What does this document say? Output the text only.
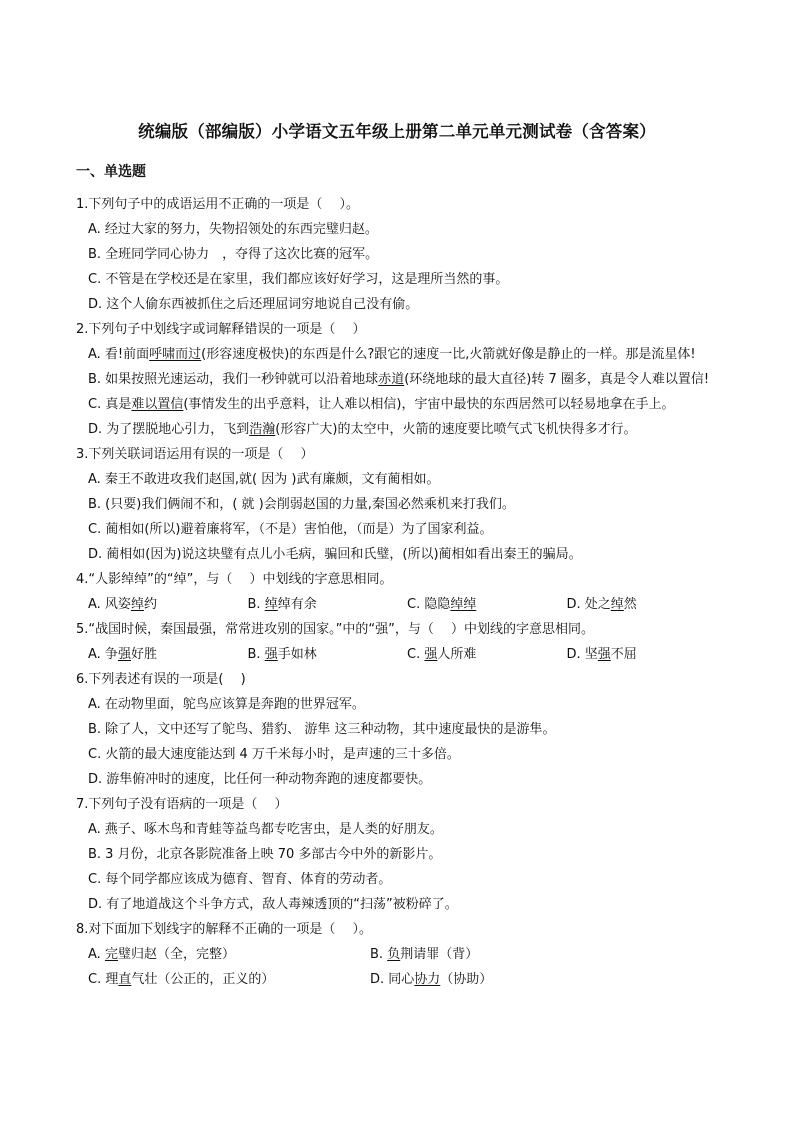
统编版（部编版）小学语文五年级上册第二单元单元测试卷（含答案）
一、单选题
1.下列句子中的成语运用不正确的一项是（　 ）。
A. 经过大家的努力，失物招领处的东西完璧归赵。
B. 全班同学同心协力　，夺得了这次比赛的冠军。
C. 不管是在学校还是在家里，我们都应该好好学习，这是理所当然的事。
D. 这个人偷东西被抓住之后还理屈词穷地说自己没有偷。
2.下列句子中划线字或词解释错误的一项是（　 ）
A. 看!前面呼啸而过(形容速度极快)的东西是什么?跟它的速度一比,火箭就好像是静止的一样。那是流星体!
B. 如果按照光速运动，我们一秒钟就可以沿着地球赤道(环绕地球的最大直径)转 7 圈多，真是令人难以置信!
C. 真是难以置信(事情发生的出乎意料，让人难以相信)，宇宙中最快的东西居然可以轻易地拿在手上。
D. 为了摆脱地心引力，飞到浩瀚(形容广大)的太空中，火箭的速度要比喷气式飞机快得多才行。
3.下列关联词语运用有误的一项是（　 ）
A. 秦王不敢进攻我们赵国,就( 因为 )武有廉颇，文有蔺相如。
B. (只要)我们俩闹不和，( 就 )会削弱赵国的力量,秦国必然乘机来打我们。
C. 蔺相如(所以)避着廉将军，（不是）害怕他，（而是）为了国家利益。
D. 蔺相如(因为)说这块璧有点儿小毛病，骗回和氏璧，(所以)蔺相如看出秦王的骗局。
4.“人影绰绰”的“绰”，与（　 ）中划线的字意思相同。
A. 风姿绰约	B. 绰绰有余	C. 隐隐绰绰	D. 处之绰然
5.“战国时候，秦国最强，常常进攻别的国家。”中的“强”，与（　 ）中划线的字意思相同。
A. 争强好胜	B. 强手如林	C. 强人所难	D. 坚强不屈
6.下列表述有误的一项是(　 )
A. 在动物里面，鸵鸟应该算是奔跑的世界冠军。
B. 除了人，文中还写了鸵鸟、猎豹、 游隼 这三种动物，其中速度最快的是游隼。
C. 火箭的最大速度能达到 4 万千米每小时，是声速的三十多倍。
D. 游隼俯冲时的速度，比任何一种动物奔跑的速度都要快。
7.下列句子没有语病的一项是（　 ）
A. 燕子、啄木鸟和青蛙等益鸟都专吃害虫，是人类的好朋友。
B. 3 月份，北京各影院准备上映 70 多部古今中外的新影片。
C. 每个同学都应该成为德育、智育、体育的劳动者。
D. 有了地道战这个斗争方式，敌人毒辣透顶的“扫荡”被粉碎了。
8.对下面加下划线字的解释不正确的一项是（　 ）。
A. 完璧归赵（全，完整）	B. 负荆请罪（背）
C. 理直气壮（公正的，正义的）	D. 同心协力（协助）
